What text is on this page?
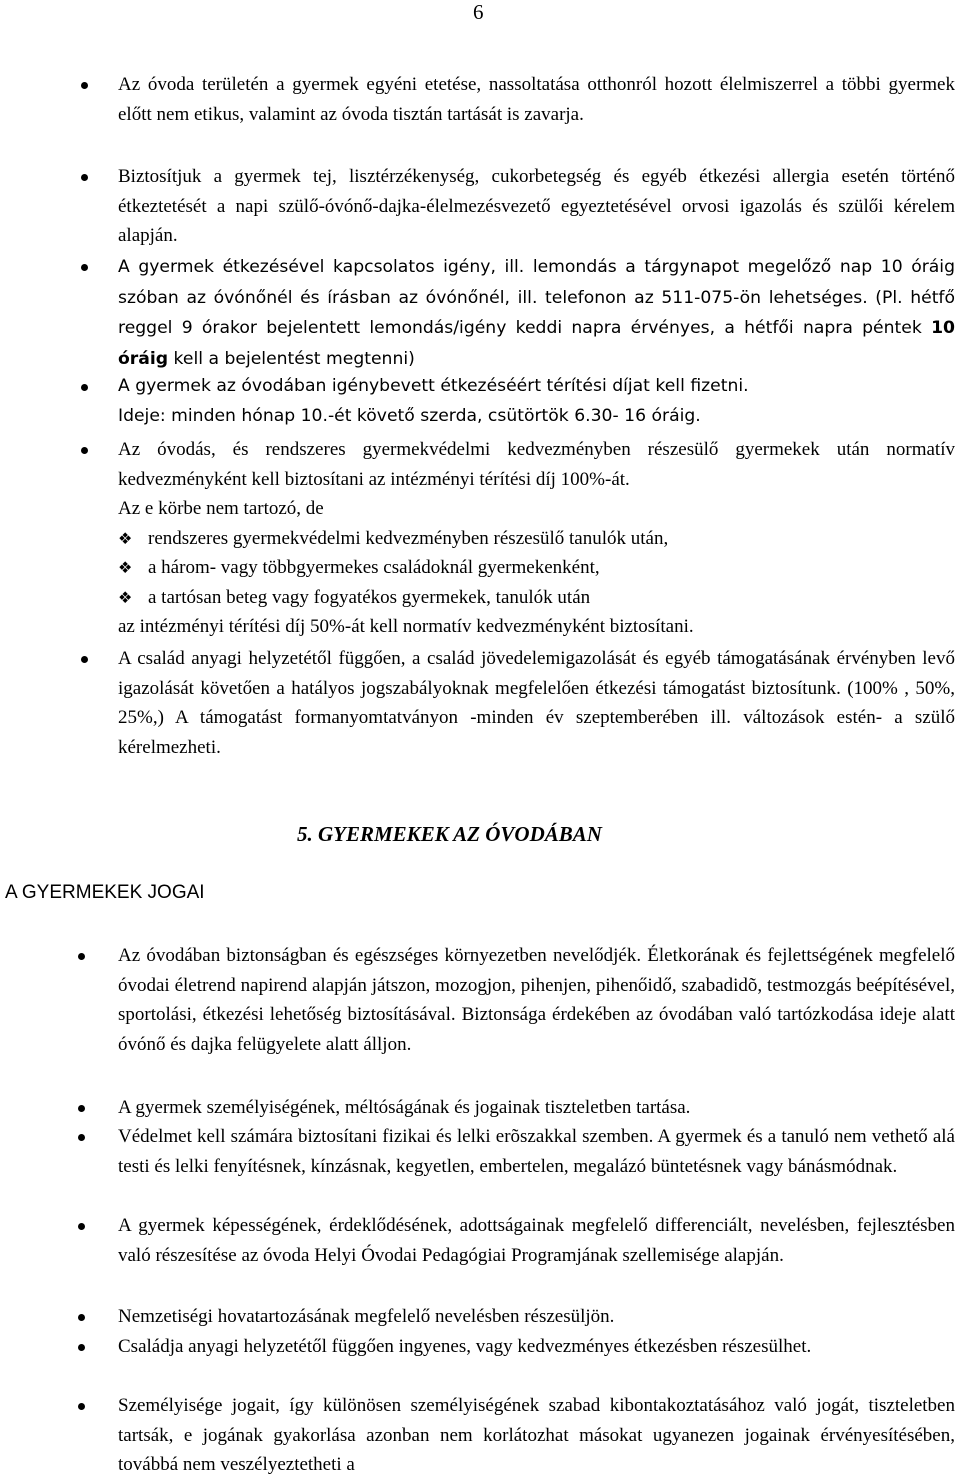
6

Az óvoda területén a gyermek egyéni etetése, nassoltatása otthonról hozott élelmiszerrel a többi gyermek előtt nem etikus, valamint az óvoda tisztán tartását is zavarja.

Biztosítjuk a gyermek tej, lisztérzékenység, cukorbetegség és egyéb étkezési allergia esetén történő étkeztetését a napi szülő-óvónő-dajka-élelmezésvezető egyeztetésével orvosi igazolás és szülői kérelem alapján.

A gyermek étkezésével kapcsolatos igény, ill. lemondás a tárgynapot megelőző nap 10 óráig szóban az óvónőnél és írásban az óvónőnél, ill. telefonon az 511-075-ön lehetséges. (Pl. hétfő reggel 9 órakor bejelentett lemondás/igény keddi napra érvényes, a hétfői napra péntek 10 óráig kell a bejelentést megtenni)

A gyermek az óvodában igénybevett étkezéséért térítési díjat kell fizetni.

Ideje: minden hónap 10.-ét követő szerda, csütörtök 6.30- 16 óráig.

Az óvodás, és rendszeres gyermekvédelmi kedvezményben részesülő gyermekek után normatív kedvezményként kell biztosítani az intézményi térítési díj 100%-át.

Az e körbe nem tartozó, de

❖ rendszeres gyermekvédelmi kedvezményben részesülő tanulók után,

❖ a három- vagy többgyermekes családoknál gyermekenként,

❖ a tartósan beteg vagy fogyatékos gyermekek, tanulók után

az intézményi térítési díj 50%-át kell normatív kedvezményként biztosítani.

A család anyagi helyzetétől függően, a család jövedelemigazolását és egyéb támogatásának érvényben levő igazolását követően a hatályos jogszabályoknak megfelelően étkezési támogatást biztosítunk. (100% , 50%, 25%,) A támogatást formanyomtatványon -minden év szeptemberében ill. változások estén- a szülő kérelmezheti.

5. GYERMEKEK AZ ÓVODÁBAN
A GYERMEKEK JOGAI

Az óvodában biztonságban és egészséges környezetben nevelődjék. Életkorának és fejlettségének megfelelő óvodai életrend napirend alapján játszon, mozogjon, pihenjen, pihenőidő, szabadidõ, testmozgás beépítésével, sportolási, étkezési lehetőség biztosításával. Biztonsága érdekében az óvodában való tartózkodása ideje alatt óvónő és dajka felügyelete alatt álljon.

A gyermek személyiségének, méltóságának és jogainak tiszteletben tartása.

Védelmet kell számára biztosítani fizikai és lelki erõszakkal szemben. A gyermek és a tanuló nem vethető alá testi és lelki fenyítésnek, kínzásnak, kegyetlen, embertelen, megalázó büntetésnek vagy bánásmódnak.

A gyermek képességének, érdeklődésének, adottságainak megfelelő differenciált, nevelésben, fejlesztésben való részesítése az óvoda Helyi Óvodai Pedagógiai Programjának szellemisége alapján.

Nemzetiségi hovatartozásának megfelelő nevelésben részesüljön.

Családja anyagi helyzetétől függően ingyenes, vagy kedvezményes étkezésben részesülhet.

Személyisége jogait, így különösen személyiségének szabad kibontakoztatásához való jogát, tiszteletben tartsák, e jogának gyakorlása azonban nem korlátozhat másokat ugyanezen jogainak érvényesítésében, továbbá nem veszélyeztetheti a
